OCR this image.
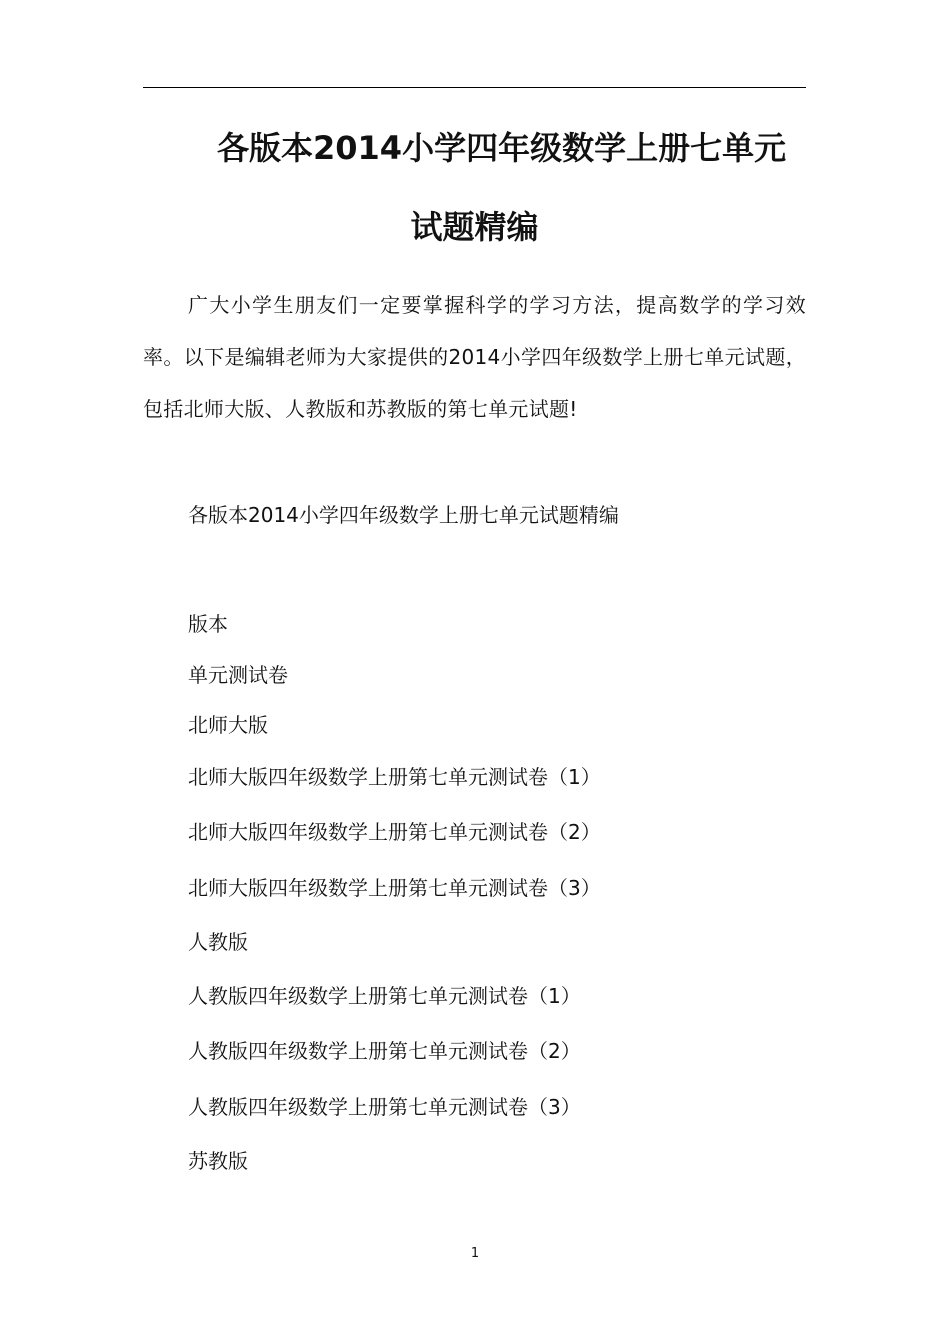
各版本2014小学四年级数学上册七单元
试题精编
广大小学生朋友们一定要掌握科学的学习方法，提高数学的学习效率。以下是编辑老师为大家提供的2014小学四年级数学上册七单元试题，包括北师大版、人教版和苏教版的第七单元试题!
各版本2014小学四年级数学上册七单元试题精编
版本
单元测试卷
北师大版
北师大版四年级数学上册第七单元测试卷（1）
北师大版四年级数学上册第七单元测试卷（2）
北师大版四年级数学上册第七单元测试卷（3）
人教版
人教版四年级数学上册第七单元测试卷（1）
人教版四年级数学上册第七单元测试卷（2）
人教版四年级数学上册第七单元测试卷（3）
苏教版
1
